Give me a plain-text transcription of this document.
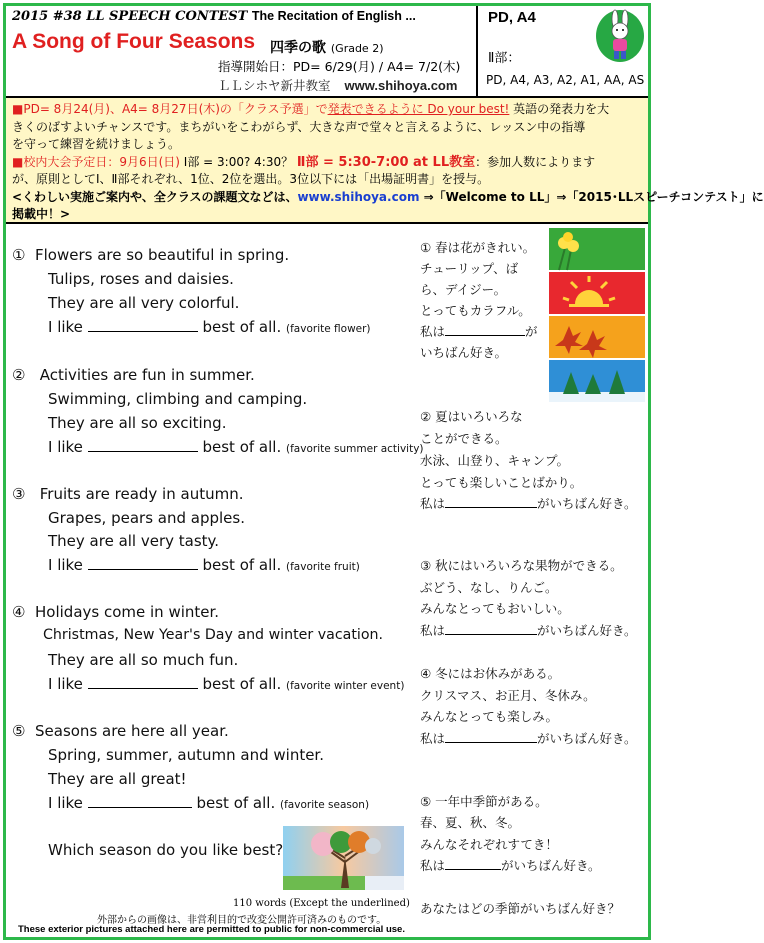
2015 #38 LL SPEECH CONTEST The Recitation of English ...
A Song of Four Seasons 四季の歌 (Grade 2)
指導開始日：PD= 6/29(月) / A4= 7/2(木)
ＬＬシホヤ新井教室 www.shihoya.com
PD, A4
Ⅱ部：
PD, A4, A3, A2, A1, AA, AS
■PD= 8月24(月)、A4= 8月27日(木)の「クラス予選」で発表できるように Do your best! 英語の発表力を大
きくのばすよいチャンスです。まちがいをこわがらず、大きな声で堂々と言えるように、レッスン中の指導
を守って練習を続けましょう。
■校内大会予定日：9月6日(日) Ⅰ部 = 3:00? 4:30？ Ⅱ部 = 5:30-7:00 at LL教室：参加人数によります
が、原則としてⅠ、Ⅱ部それぞれ、1位、2位を選出。3位以下には「出場証明書」を授与。
<くわしい実施ご案内や、全クラスの課題文などは、www.shihoya.com ⇒「Welcome to LL」⇒「2015･LLスピーチコンテスト」に
掲載中！>
① Flowers are so beautiful in spring.
Tulips, roses and daisies.
They are all very colorful.
I like	best of all. (favorite flower)
② Activities are fun in summer.
Swimming, climbing and camping.
They are all so exciting.
I like	best of all. (favorite summer activity)
③ Fruits are ready in autumn.
Grapes, pears and apples.
They are all very tasty.
I like	best of all. (favorite fruit)
④ Holidays come in winter.
Christmas, New Year's Day and winter vacation.
They are all so much fun.
I like	best of all. (favorite winter event)
⑤ Seasons are here all year.
Spring, summer, autumn and winter.
They are all great!
I like	best of all. (favorite season)
Which season do you like best?
110 words (Except the underlined)
外部からの画像は、非営利目的で改変公開許可済みのものです。
These exterior pictures attached here are permitted to public for non-commercial use.
① 春は花がきれい。
チューリップ、ば
ら、デイジー。
とってもカラフル。
私は	が
いちばん好き。
② 夏はいろいろな
ことができる。
水泳、山登り、キャンプ。
とっても楽しいことばかり。
私は	がいちばん好き。
③ 秋にはいろいろな果物ができる。
ぶどう、なし、りんご。
みんなとってもおいしい。
私は	がいちばん好き。
④ 冬にはお休みがある。
クリスマス、お正月、冬休み。
みんなとっても楽しみ。
私は	がいちばん好き。
⑤ 一年中季節がある。
春、夏、秋、冬。
みんなそれぞれすてき！
私は	がいちばん好き。
あなたはどの季節がいちばん好き？
